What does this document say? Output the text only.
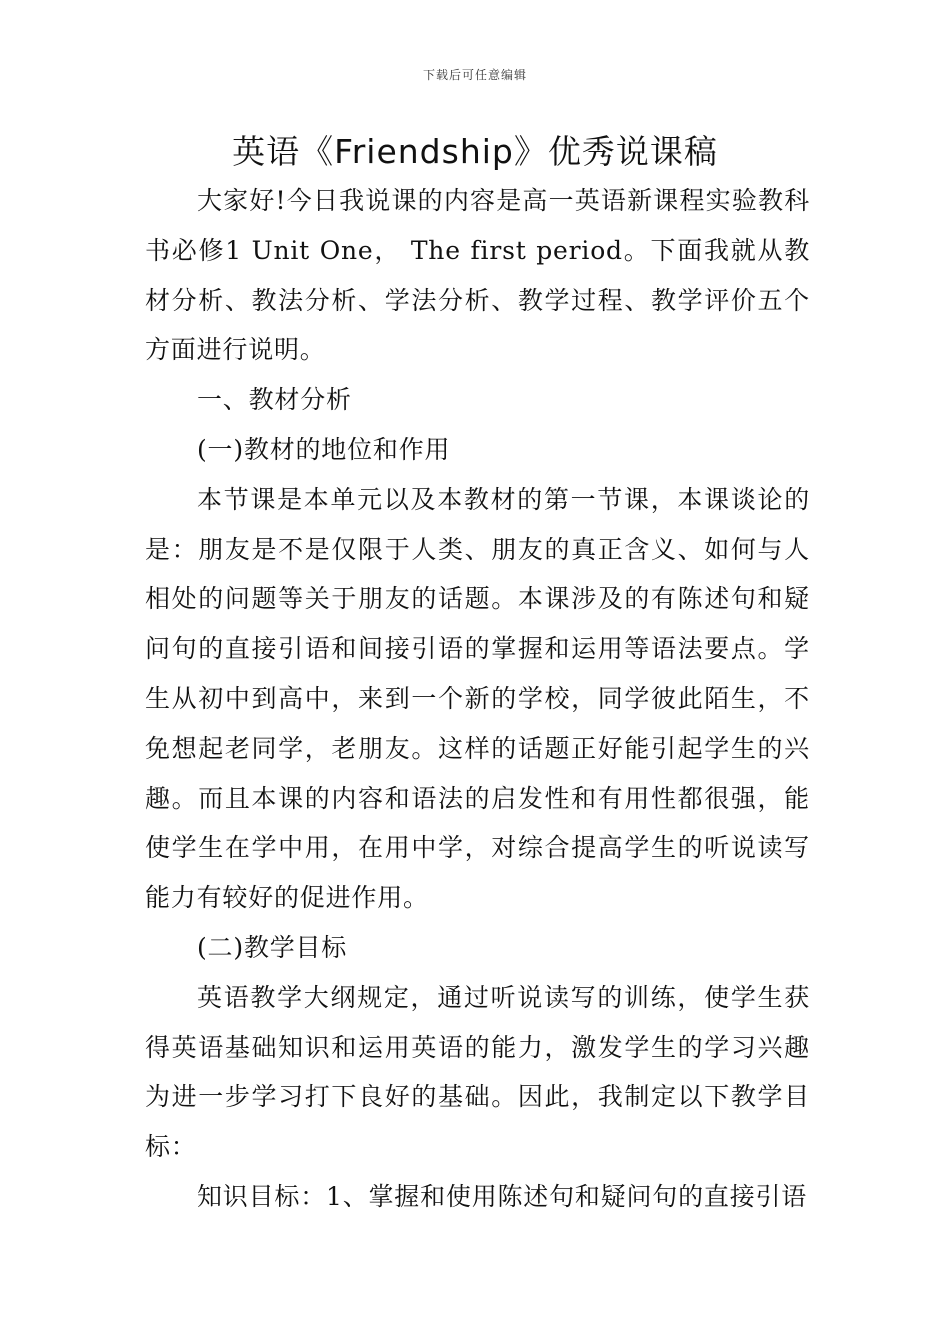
下载后可任意编辑
英语《Friendship》优秀说课稿

大家好!今日我说课的内容是高一英语新课程实验教科书必修1 Unit One， The first period。下面我就从教材分析、教法分析、学法分析、教学过程、教学评价五个方面进行说明。

一、教材分析

(一)教材的地位和作用

本节课是本单元以及本教材的第一节课，本课谈论的是：朋友是不是仅限于人类、朋友的真正含义、如何与人相处的问题等关于朋友的话题。本课涉及的有陈述句和疑问句的直接引语和间接引语的掌握和运用等语法要点。学生从初中到高中，来到一个新的学校，同学彼此陌生，不免想起老同学，老朋友。这样的话题正好能引起学生的兴趣。而且本课的内容和语法的启发性和有用性都很强，能使学生在学中用，在用中学，对综合提高学生的听说读写能力有较好的促进作用。

(二)教学目标

英语教学大纲规定，通过听说读写的训练，使学生获得英语基础知识和运用英语的能力，激发学生的学习兴趣为进一步学习打下良好的基础。因此，我制定以下教学目标：

知识目标：1、掌握和使用陈述句和疑问句的直接引语
